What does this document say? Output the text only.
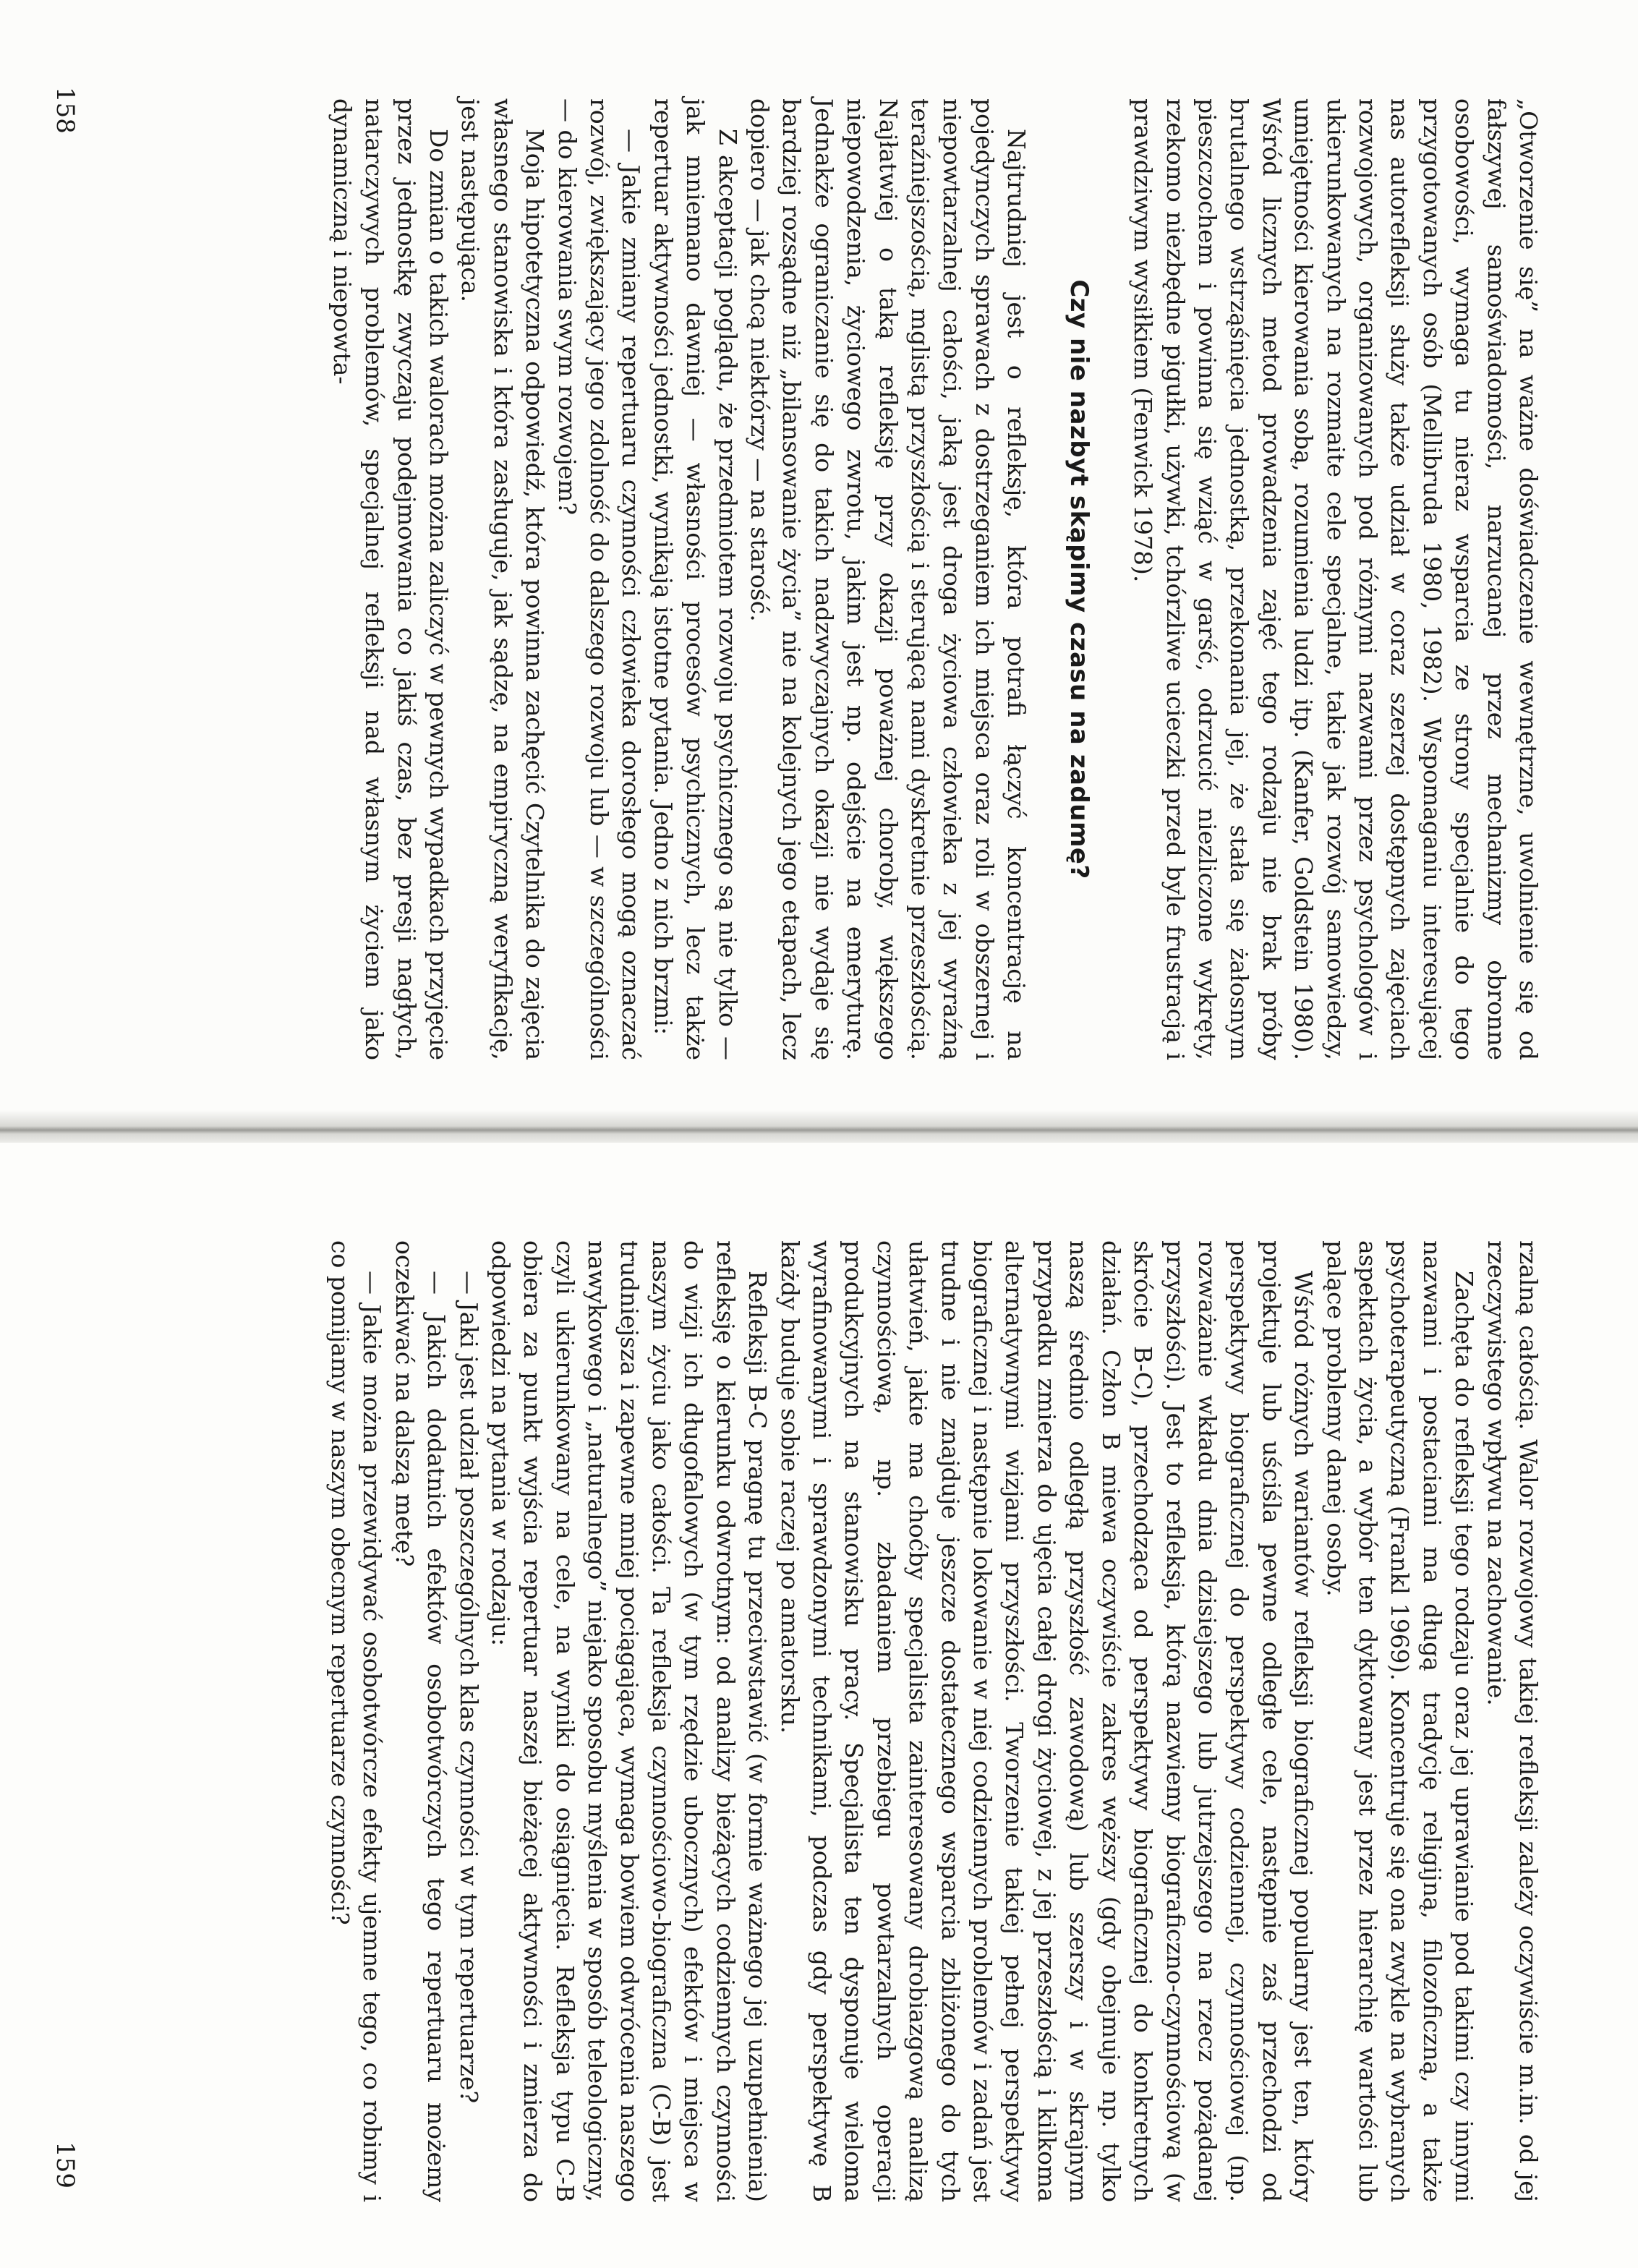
„Otworzenie się” na ważne doświadczenie wewnętrzne, uwolnienie się od fałszywej samoświadomości, narzucanej przez mechanizmy obronne osobowości, wymaga tu nieraz wsparcia ze strony specjalnie do tego przygotowanych osób (Mellibruda 1980, 1982). Wspomaganiu interesującej nas autorefleksji służy także udział w coraz szerzej dostępnych zajęciach rozwojowych, organizowanych pod różnymi nazwami przez psychologów i ukierunkowanych na rozmaite cele specjalne, takie jak rozwój samowiedzy, umiejętności kierowania sobą, rozumienia ludzi itp. (Kanfer, Goldstein 1980). Wśród licznych metod prowadzenia zajęć tego rodzaju nie brak próby brutalnego wstrząśnięcia jednostką, przekonania jej, że stała się żałosnym pieszczochem i powinna się wziąć w garść, odrzucić niezliczone wykręty, rzekomo niezbędne pigułki, używki, tchórzliwe ucieczki przed byle frustracją i prawdziwym wysiłkiem (Fenwick 1978).

Czy nie nazbyt skąpimy czasu na zadumę?

Najtrudniej jest o refleksję, która potrafi łączyć koncentrację na pojedynczych sprawach z dostrzeganiem ich miejsca oraz roli w obszernej i niepowtarzalnej całości, jaką jest droga życiowa człowieka z jej wyraźną teraźniejszością, mglistą przyszłością i sterującą nami dyskretnie przeszłością. Najłatwiej o taką refleksję przy okazji poważnej choroby, większego niepowodzenia, życiowego zwrotu, jakim jest np. odejście na emeryturę. Jednakże ograniczanie się do takich nadzwyczajnych okazji nie wydaje się bardziej rozsądne niż „bilansowanie życia” nie na kolejnych jego etapach, lecz dopiero — jak chcą niektórzy — na starość.

Z akceptacji poglądu, że przedmiotem rozwoju psychicznego są nie tylko — jak mniemano dawniej — własności procesów psychicznych, lecz także repertuar aktywności jednostki, wynikają istotne pytania. Jedno z nich brzmi:

— Jakie zmiany repertuaru czynności człowieka dorosłego mogą oznaczać rozwój, zwiększający jego zdolność do dalszego rozwoju lub — w szczególności — do kierowania swym rozwojem?

Moja hipotetyczna odpowiedź, która powinna zachęcić Czytelnika do zajęcia własnego stanowiska i która zasługuje, jak sądzę, na empiryczną weryfikację, jest następująca.

Do zmian o takich walorach można zaliczyć w pewnych wypadkach przyjęcie przez jednostkę zwyczaju podejmowania co jakiś czas, bez presji nagłych, natarczywych problemów, specjalnej refleksji nad własnym życiem jako dynamiczną i niepowta-

158

rzalną całością. Walor rozwojowy takiej refleksji zależy oczywiście m.in. od jej rzeczywistego wpływu na zachowanie.

Zachęta do refleksji tego rodzaju oraz jej uprawianie pod takimi czy innymi nazwami i postaciami ma długą tradycję religijną, filozoficzną, a także psychoterapeutyczną (Frankl 1969). Koncentruje się ona zwykle na wybranych aspektach życia, a wybór ten dyktowany jest przez hierarchię wartości lub palące problemy danej osoby.

Wśród różnych wariantów refleksji biograficznej popularny jest ten, który projektuje lub uściśla pewne odległe cele, następnie zaś przechodzi od perspektywy biograficznej do perspektywy codziennej, czynnościowej (np. rozważanie wkładu dnia dzisiejszego lub jutrzejszego na rzecz pożądanej przyszłości). Jest to refleksja, którą nazwiemy biograficzno-czynnościową (w skrócie B-C), przechodząca od perspektywy biograficznej do konkretnych działań. Człon B miewa oczywiście zakres węższy (gdy obejmuje np. tylko naszą średnio odległą przyszłość zawodową) lub szerszy i w skrajnym przypadku zmierza do ujęcia całej drogi życiowej, z jej przeszłością i kilkoma alternatywnymi wizjami przyszłości. Tworzenie takiej pełnej perspektywy biograficznej i następnie lokowanie w niej codziennych problemów i zadań jest trudne i nie znajduje jeszcze dostatecznego wsparcia zbliżonego do tych ułatwień, jakie ma choćby specjalista zainteresowany drobiazgową analizą czynnościową, np. zbadaniem przebiegu powtarzalnych operacji produkcyjnych na stanowisku pracy. Specjalista ten dysponuje wieloma wyrafinowanymi i sprawdzonymi technikami, podczas gdy perspektywę B każdy buduje sobie raczej po amatorsku.

Refleksji B-C pragnę tu przeciwstawić (w formie ważnego jej uzupełnienia) refleksję o kierunku odwrotnym: od analizy bieżących codziennych czynności do wizji ich długofalowych (w tym rzędzie ubocznych) efektów i miejsca w naszym życiu jako całości. Ta refleksja czynnościowo-biograficzna (C-B) jest trudniejsza i zapewne mniej pociągająca, wymaga bowiem odwrócenia naszego nawykowego i „naturalnego” niejako sposobu myślenia w sposób teleologiczny, czyli ukierunkowany na cele, na wyniki do osiągnięcia. Refleksja typu C-B obiera za punkt wyjścia repertuar naszej bieżącej aktywności i zmierza do odpowiedzi na pytania w rodzaju:

— Jaki jest udział poszczególnych klas czynności w tym repertuarze?

— Jakich dodatnich efektów osobotwórczych tego repertuaru możemy oczekiwać na dalszą metę?

— Jakie można przewidywać osobotwórcze efekty ujemne tego, co robimy i co pomijamy w naszym obecnym repertuarze czynności?

159
